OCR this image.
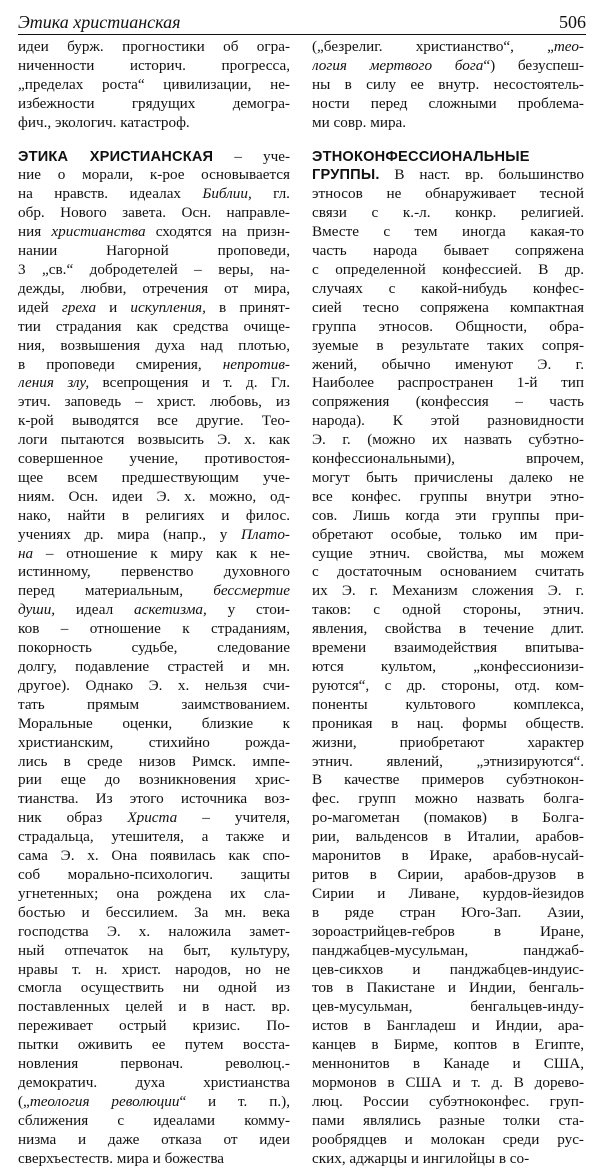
Этика христианская	506

идеи бурж. прогностики об огра-
ниченности историч. прогресса,
„пределах роста“ цивилизации, не-
избежности грядущих демогра-
фич., экологич. катастроф.

ЭТИКА ХРИСТИАНСКАЯ – уче-
ние о морали, к-рое основывается
на нравств. идеалах Библии, гл.
обр. Нового завета. Осн. направле-
ния христианства сходятся на призн-
нании Нагорной проповеди,
3 „св.“ добродетелей – веры, на-
дежды, любви, отречения от мира,
идей греха и искупления, в принят-
тии страдания как средства очище-
ния, возвышения духа над плотью,
в проповеди смирения, непротив-
ления злу, всепрощения и т. д. Гл.
этич. заповедь – христ. любовь, из
к-рой выводятся все другие. Тео-
логи пытаются возвысить Э. х. как
совершенное учение, противостоя-
щее всем предшествующим уче-
ниям. Осн. идеи Э. х. можно, од-
нако, найти в религиях и филос.
учениях др. мира (напр., у Плато-
на – отношение к миру как к не-
истинному, первенство духовного
перед материальным, бессмертие
души, идеал аскетизма, у стои-
ков – отношение к страданиям,
покорность судьбе, следование
долгу, подавление страстей и мн.
другое). Однако Э. х. нельзя счи-
тать прямым заимствованием.
Моральные оценки, близкие к
христианским, стихийно рожда-
лись в среде низов Римск. импе-
рии еще до возникновения хрис-
тианства. Из этого источника воз-
ник образ Христа – учителя,
страдальца, утешителя, а также и
сама Э. х. Она появилась как спо-
соб морально-психологич. защиты
угнетенных; она рождена их сла-
бостью и бессилием. За мн. века
господства Э. х. наложила замет-
ный отпечаток на быт, культуру,
нравы т. н. христ. народов, но не
смогла осуществить ни одной из
поставленных целей и в наст. вр.
переживает острый кризис. По-
пытки оживить ее путем восста-
новления первонач. революц.-
демократич. духа христианства
(„теология революции“ и т. п.),
сближения с идеалами комму-
низма и даже отказа от идеи
сверхъестеств. мира и божества

(„безрелиг. христианство“, „тео-
логия мертвого бога“) безуспеш-
ны в силу ее внутр. несостоятель-
ности перед сложными проблема-
ми совр. мира.

ЭТНОКОНФЕССИОНАЛЬНЫЕ
ГРУППЫ. В наст. вр. большинство
этносов не обнаруживает тесной
связи с к.-л. конкр. религией.
Вместе с тем иногда какая-то
часть народа бывает сопряжена
с определенной конфессией. В др.
случаях с какой-нибудь конфес-
сией тесно сопряжена компактная
группа этносов. Общности, обра-
зуемые в результате таких сопря-
жений, обычно именуют Э. г.
Наиболее распространен 1-й тип
сопряжения (конфессия – часть
народа). К этой разновидности
Э. г. (можно их назвать субэтно-
конфессиональными), впрочем,
могут быть причислены далеко не
все конфес. группы внутри этно-
сов. Лишь когда эти группы при-
обретают особые, только им при-
сущие этнич. свойства, мы можем
с достаточным основанием считать
их Э. г. Механизм сложения Э. г.
таков: с одной стороны, этнич.
явления, свойства в течение длит.
времени взаимодействия впитыва-
ются культом, „конфессионизи-
руются“, с др. стороны, отд. ком-
поненты культового комплекса,
проникая в нац. формы обществ.
жизни, приобретают характер
этнич. явлений, „этнизируются“.
В качестве примеров субэтнокон-
фес. групп можно назвать болга-
ро-магометан (помаков) в Болга-
рии, вальденсов в Италии, арабов-
маронитов в Ираке, арабов-нусай-
ритов в Сирии, арабов-друзов в
Сирии и Ливане, курдов-йезидов
в ряде стран Юго-Зап. Азии,
зороастрийцев-гебров в Иране,
панджабцев-мусульман, панджаб-
цев-сикхов и панджабцев-индуис-
тов в Пакистане и Индии, бенгаль-
цев-мусульман, бенгальцев-инду-
истов в Бангладеш и Индии, ара-
канцев в Бирме, коптов в Египте,
меннонитов в Канаде и США,
мормонов в США и т. д. В дорево-
люц. России субэтноконфес. груп-
пами являлись разные толки ста-
рообрядцев и молокан среди рус-
ских, аджарцы и ингилойцы в со-
